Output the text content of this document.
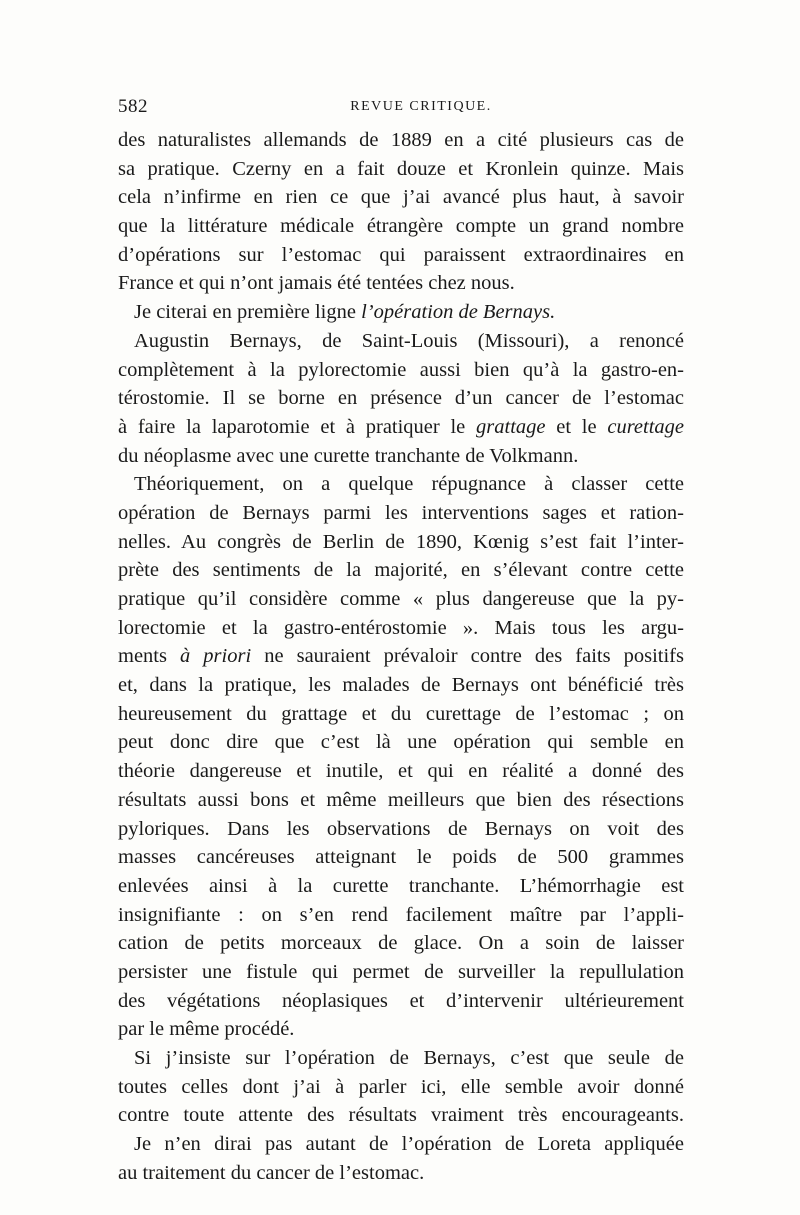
582	REVUE CRITIQUE.
des naturalistes allemands de 1889 en a cité plusieurs cas de
sa pratique. Czerny en a fait douze et Kronlein quinze. Mais
cela n’infirme en rien ce que j’ai avancé plus haut, à savoir
que la littérature médicale étrangère compte un grand nombre
d’opérations sur l’estomac qui paraissent extraordinaires en
France et qui n’ont jamais été tentées chez nous.
Je citerai en première ligne l’opération de Bernays.
Augustin Bernays, de Saint-Louis (Missouri), a renoncé
complètement à la pylorectomie aussi bien qu’à la gastro-en-
térostomie. Il se borne en présence d’un cancer de l’estomac
à faire la laparotomie et à pratiquer le grattage et le curettage
du néoplasme avec une curette tranchante de Volkmann.
Théoriquement, on a quelque répugnance à classer cette
opération de Bernays parmi les interventions sages et ration-
nelles. Au congrès de Berlin de 1890, Kœnig s’est fait l’inter-
prète des sentiments de la majorité, en s’élevant contre cette
pratique qu’il considère comme « plus dangereuse que la py-
lorectomie et la gastro-entérostomie ». Mais tous les argu-
ments à priori ne sauraient prévaloir contre des faits positifs
et, dans la pratique, les malades de Bernays ont bénéficié très
heureusement du grattage et du curettage de l’estomac ; on
peut donc dire que c’est là une opération qui semble en
théorie dangereuse et inutile, et qui en réalité a donné des
résultats aussi bons et même meilleurs que bien des résections
pyloriques. Dans les observations de Bernays on voit des
masses cancéreuses atteignant le poids de 500 grammes
enlevées ainsi à la curette tranchante. L’hémorrhagie est
insignifiante : on s’en rend facilement maître par l’appli-
cation de petits morceaux de glace. On a soin de laisser
persister une fistule qui permet de surveiller la repullulation
des végétations néoplasiques et d’intervenir ultérieurement
par le même procédé.
Si j’insiste sur l’opération de Bernays, c’est que seule de
toutes celles dont j’ai à parler ici, elle semble avoir donné
contre toute attente des résultats vraiment très encourageants.
Je n’en dirai pas autant de l’opération de Loreta appliquée
au traitement du cancer de l’estomac.
